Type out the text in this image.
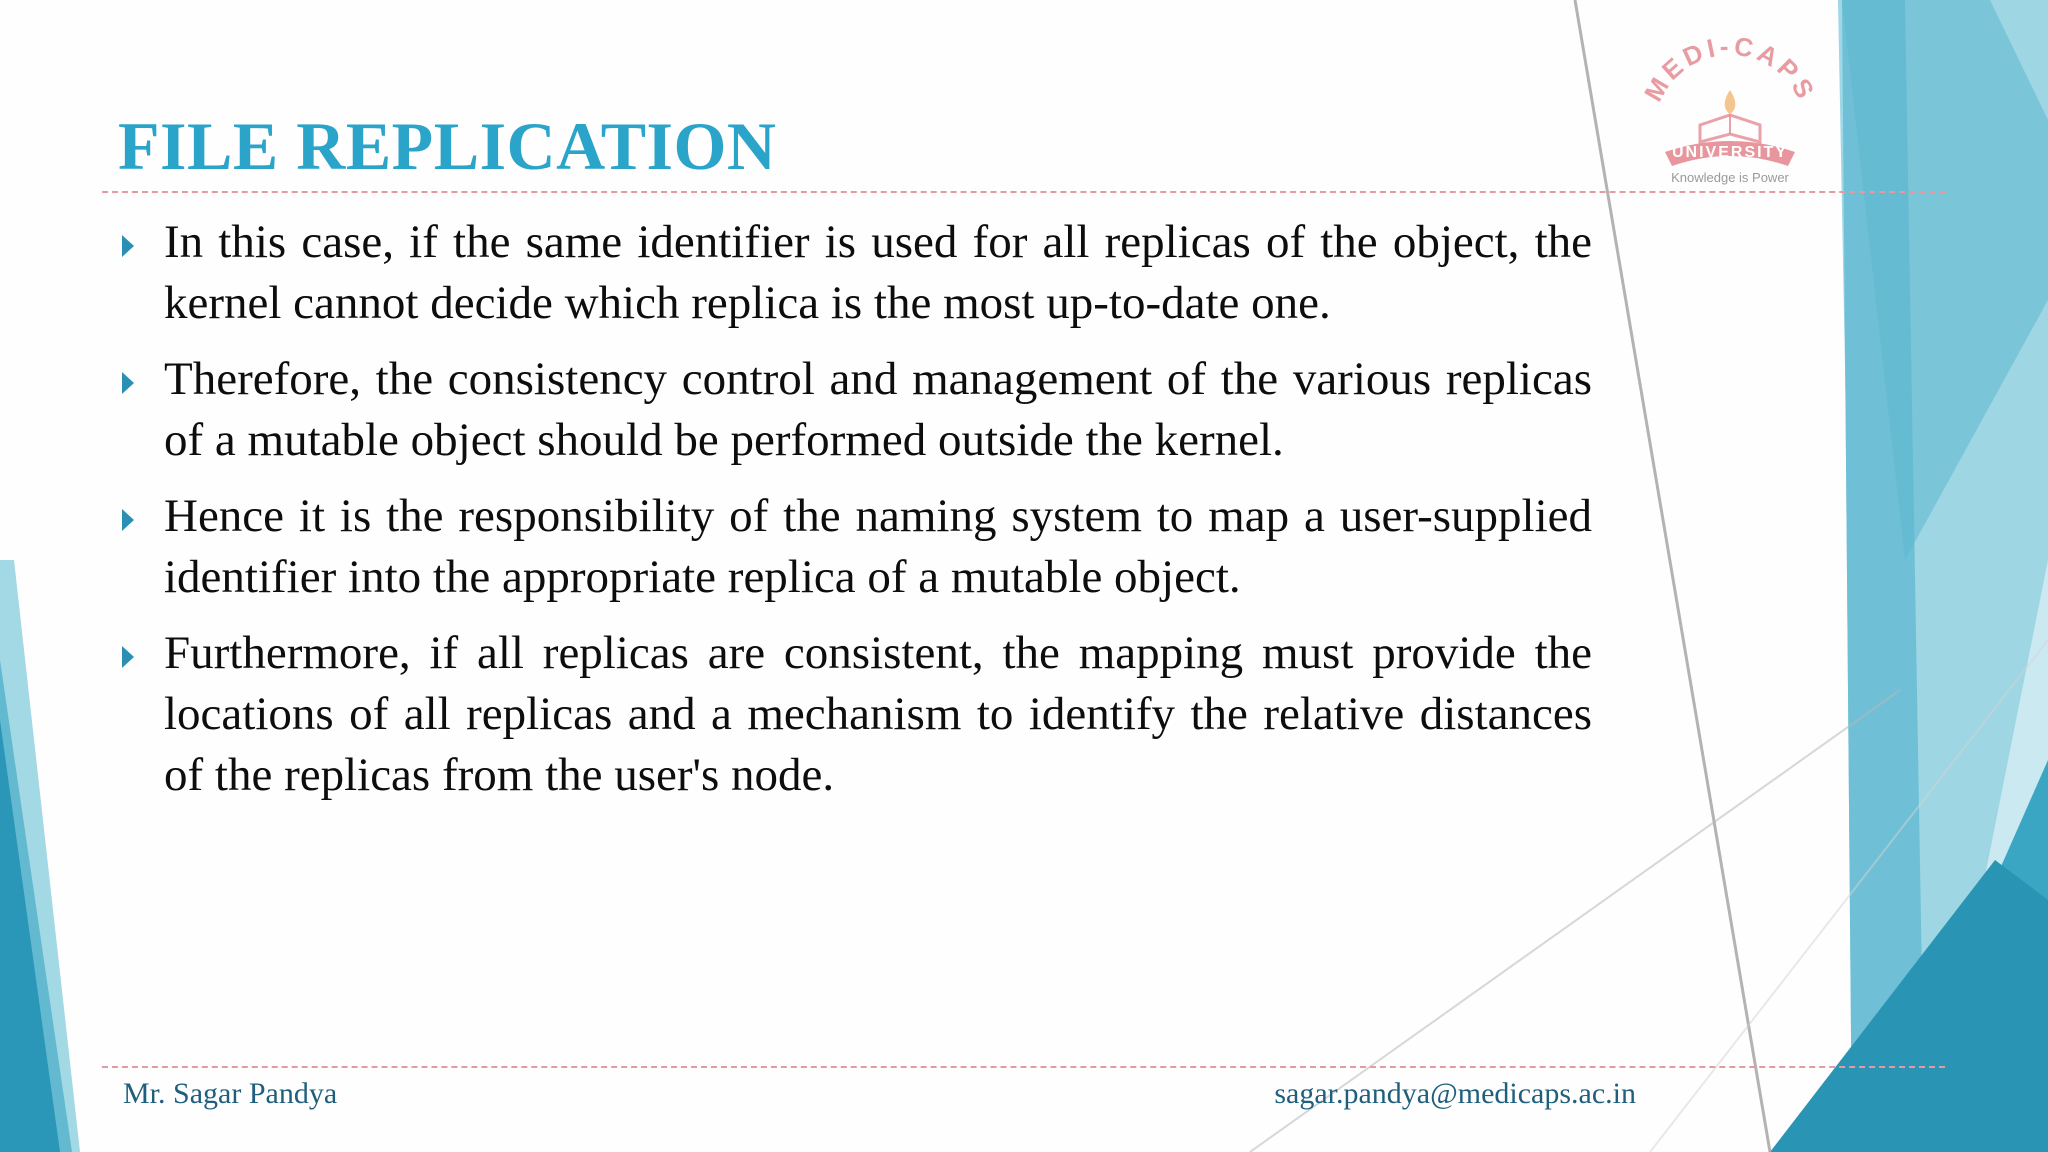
MEDI-CAPS
UNIVERSITY
Knowledge is Power
FILE REPLICATION
In this case, if the same identifier is used for all replicas of the object, the kernel cannot decide which replica is the most up-to-date one.
Therefore, the consistency control and management of the various replicas of a mutable object should be performed outside the kernel.
Hence it is the responsibility of the naming system to map a user-supplied identifier into the appropriate replica of a mutable object.
Furthermore, if all replicas are consistent, the mapping must provide the locations of all replicas and a mechanism to identify the relative distances of the replicas from the user's node.
Mr. Sagar Pandya	sagar.pandya@medicaps.ac.in
